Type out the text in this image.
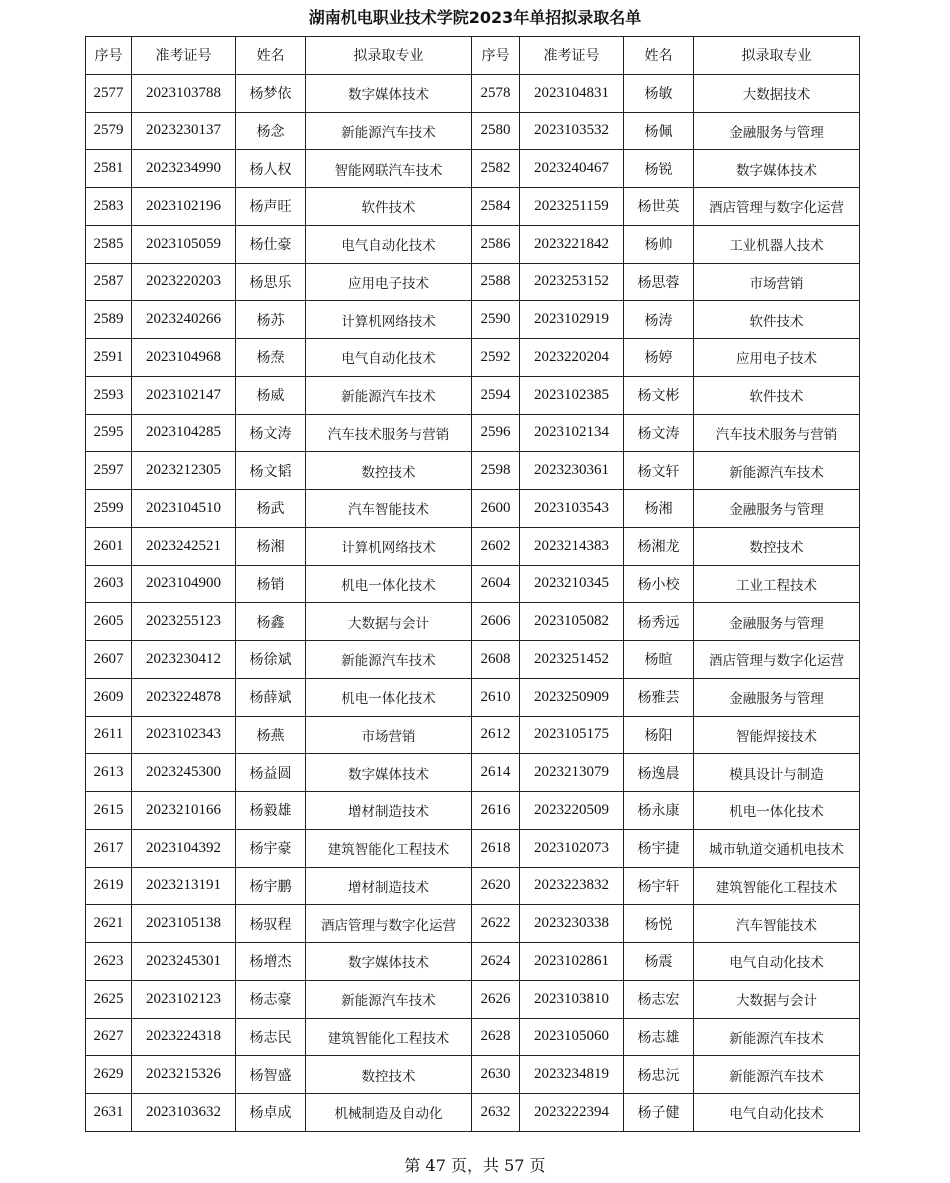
湖南机电职业技术学院2023年单招拟录取名单
序号	准考证号	姓名	拟录取专业	序号	准考证号	姓名	拟录取专业
2577	2023103788	杨梦依	数字媒体技术	2578	2023104831	杨敏	大数据技术
2579	2023230137	杨念	新能源汽车技术	2580	2023103532	杨佩	金融服务与管理
2581	2023234990	杨人权	智能网联汽车技术	2582	2023240467	杨锐	数字媒体技术
2583	2023102196	杨声旺	软件技术	2584	2023251159	杨世英	酒店管理与数字化运营
2585	2023105059	杨仕豪	电气自动化技术	2586	2023221842	杨帅	工业机器人技术
2587	2023220203	杨思乐	应用电子技术	2588	2023253152	杨思蓉	市场营销
2589	2023240266	杨苏	计算机网络技术	2590	2023102919	杨涛	软件技术
2591	2023104968	杨焘	电气自动化技术	2592	2023220204	杨婷	应用电子技术
2593	2023102147	杨威	新能源汽车技术	2594	2023102385	杨文彬	软件技术
2595	2023104285	杨文涛	汽车技术服务与营销	2596	2023102134	杨文涛	汽车技术服务与营销
2597	2023212305	杨文韬	数控技术	2598	2023230361	杨文轩	新能源汽车技术
2599	2023104510	杨武	汽车智能技术	2600	2023103543	杨湘	金融服务与管理
2601	2023242521	杨湘	计算机网络技术	2602	2023214383	杨湘龙	数控技术
2603	2023104900	杨销	机电一体化技术	2604	2023210345	杨小校	工业工程技术
2605	2023255123	杨鑫	大数据与会计	2606	2023105082	杨秀远	金融服务与管理
2607	2023230412	杨徐斌	新能源汽车技术	2608	2023251452	杨暄	酒店管理与数字化运营
2609	2023224878	杨薛斌	机电一体化技术	2610	2023250909	杨雅芸	金融服务与管理
2611	2023102343	杨燕	市场营销	2612	2023105175	杨阳	智能焊接技术
2613	2023245300	杨益圆	数字媒体技术	2614	2023213079	杨逸晨	模具设计与制造
2615	2023210166	杨毅雄	增材制造技术	2616	2023220509	杨永康	机电一体化技术
2617	2023104392	杨宇豪	建筑智能化工程技术	2618	2023102073	杨宇捷	城市轨道交通机电技术
2619	2023213191	杨宇鹏	增材制造技术	2620	2023223832	杨宇轩	建筑智能化工程技术
2621	2023105138	杨驭程	酒店管理与数字化运营	2622	2023230338	杨悦	汽车智能技术
2623	2023245301	杨增杰	数字媒体技术	2624	2023102861	杨震	电气自动化技术
2625	2023102123	杨志豪	新能源汽车技术	2626	2023103810	杨志宏	大数据与会计
2627	2023224318	杨志民	建筑智能化工程技术	2628	2023105060	杨志雄	新能源汽车技术
2629	2023215326	杨智盛	数控技术	2630	2023234819	杨忠沅	新能源汽车技术
2631	2023103632	杨卓成	机械制造及自动化	2632	2023222394	杨子健	电气自动化技术
第 47 页，共 57 页
